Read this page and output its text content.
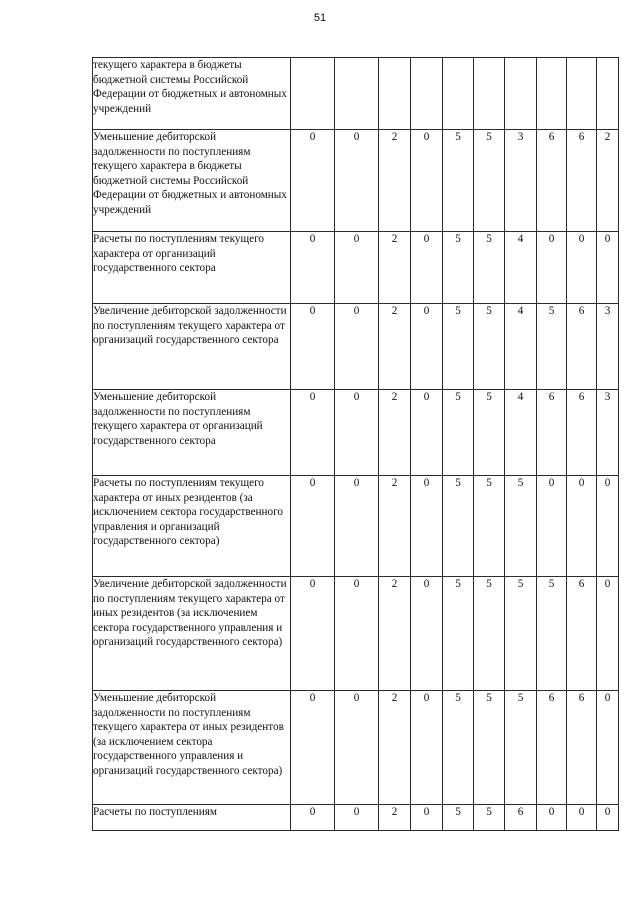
51
текущего характера в бюджеты бюджетной системы Российской Федерации от бюджетных и автономных учреждений										
Уменьшение дебиторской задолженности по поступлениям текущего характера в бюджеты бюджетной системы Российской Федерации от бюджетных и автономных учреждений	0	0	2	0	5	5	3	6	6	2
Расчеты по поступлениям текущего характера от организаций государственного сектора	0	0	2	0	5	5	4	0	0	0
Увеличение дебиторской задолженности по поступлениям текущего характера от организаций государственного сектора	0	0	2	0	5	5	4	5	6	3
Уменьшение дебиторской задолженности по поступлениям текущего характера от организаций государственного сектора	0	0	2	0	5	5	4	6	6	3
Расчеты по поступлениям текущего характера от иных резидентов (за исключением сектора государственного управления и организаций государственного сектора)	0	0	2	0	5	5	5	0	0	0
Увеличение дебиторской задолженности по поступлениям текущего характера от иных резидентов (за исключением сектора государственного управления и организаций государственного сектора)	0	0	2	0	5	5	5	5	6	0
Уменьшение дебиторской задолженности по поступлениям текущего характера от иных резидентов (за исключением сектора государственного управления и организаций государственного сектора)	0	0	2	0	5	5	5	6	6	0
Расчеты по поступлениям	0	0	2	0	5	5	6	0	0	0
